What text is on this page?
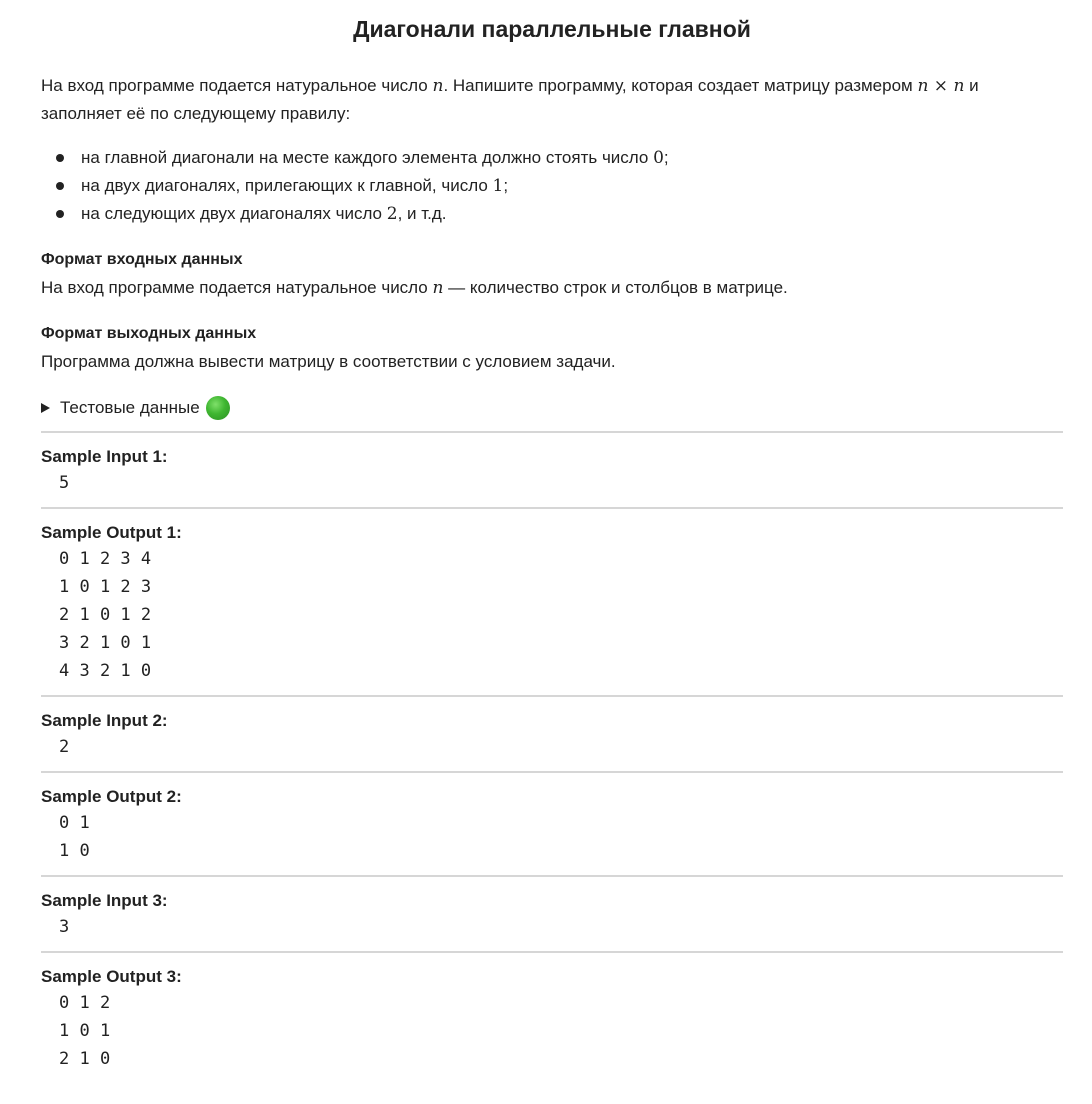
Диагонали параллельные главной
На вход программе подается натуральное число n. Напишите программу, которая создает матрицу размером n × n и
заполняет её по следующему правилу:
на главной диагонали на месте каждого элемента должно стоять число 0;
на двух диагоналях, прилегающих к главной, число 1;
на следующих двух диагоналях число 2, и т.д.
Формат входных данных
На вход программе подается натуральное число n — количество строк и столбцов в матрице.
Формат выходных данных
Программа должна вывести матрицу в соответствии с условием задачи.
Тестовые данные
Sample Input 1:
5
Sample Output 1:
0 1 2 3 4
1 0 1 2 3
2 1 0 1 2
3 2 1 0 1
4 3 2 1 0
Sample Input 2:
2
Sample Output 2:
0 1
1 0
Sample Input 3:
3
Sample Output 3:
0 1 2
1 0 1
2 1 0
